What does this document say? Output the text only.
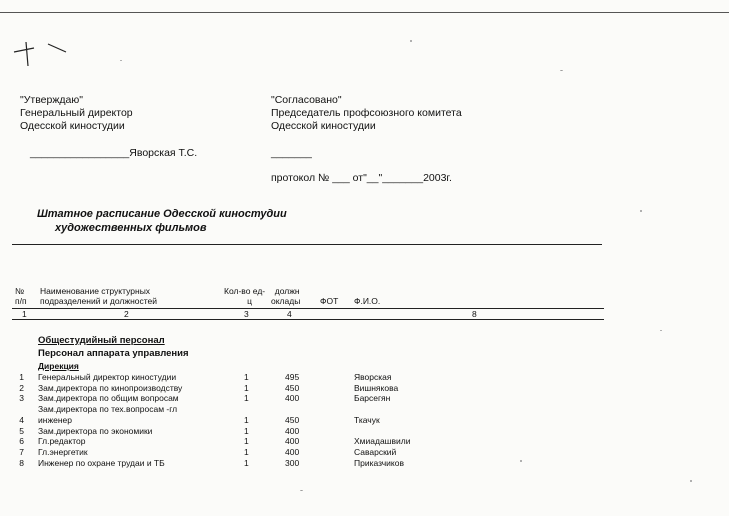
"Утверждаю"
Генеральный директор
Одесской киностудии
_________________Яворская Т.С.
"Согласовано"
Председатель профсоюзного комитета
Одесской киностудии
_______
протокол № ___ от"__"_______2003г.
Штатное расписание Одесской киностудии
художественных фильмов
№
п/п
Наименование структурных
подразделений и должностей
Кол-во ед-
ц
должн
оклады ФОТ Ф.И.О.
1	2	3	4	8
Общестудийный персонал
Персонал аппарата управления
Дирекция
1 Генеральный директор киностудии	1	495	Яворская
2 Зам.директора по кинопроизводству	1	450	Вишнякова
3 Зам.директора по общим вопросам	1	400	Барсегян
Зам.директора по тех.вопросам -гл
4 инженер	1	450	Ткачук
5 Зам.директора по экономики	1	400
6 Гл.редактор	1	400	Хмиадашвили
7 Гл.энергетик	1	400	Саварский
8 Инженер по охране трудаи и ТБ	1	300	Приказчиков
